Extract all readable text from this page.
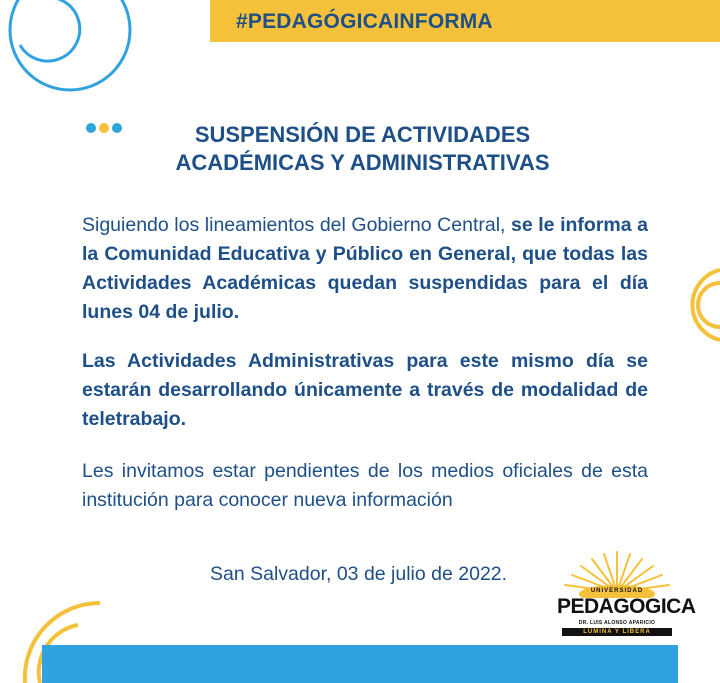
#PEDAGÓGICAINFORMA
SUSPENSIÓN DE ACTIVIDADES
ACADÉMICAS Y ADMINISTRATIVAS
Siguiendo los lineamientos del Gobierno Central, se le informa a la Comunidad Educativa y Público en General, que todas las Actividades Académicas quedan suspendidas para el día lunes 04 de julio.
Las Actividades Administrativas para este mismo día se estarán desarrollando únicamente a través de modalidad de teletrabajo.
Les invitamos estar pendientes de los medios oficiales de esta institución para conocer nueva información
San Salvador, 03 de julio de 2022.
UNIVERSIDAD
PEDAGOGICA
DR. LUIS ALONSO APARICIO
LUMINA Y LIBERA
